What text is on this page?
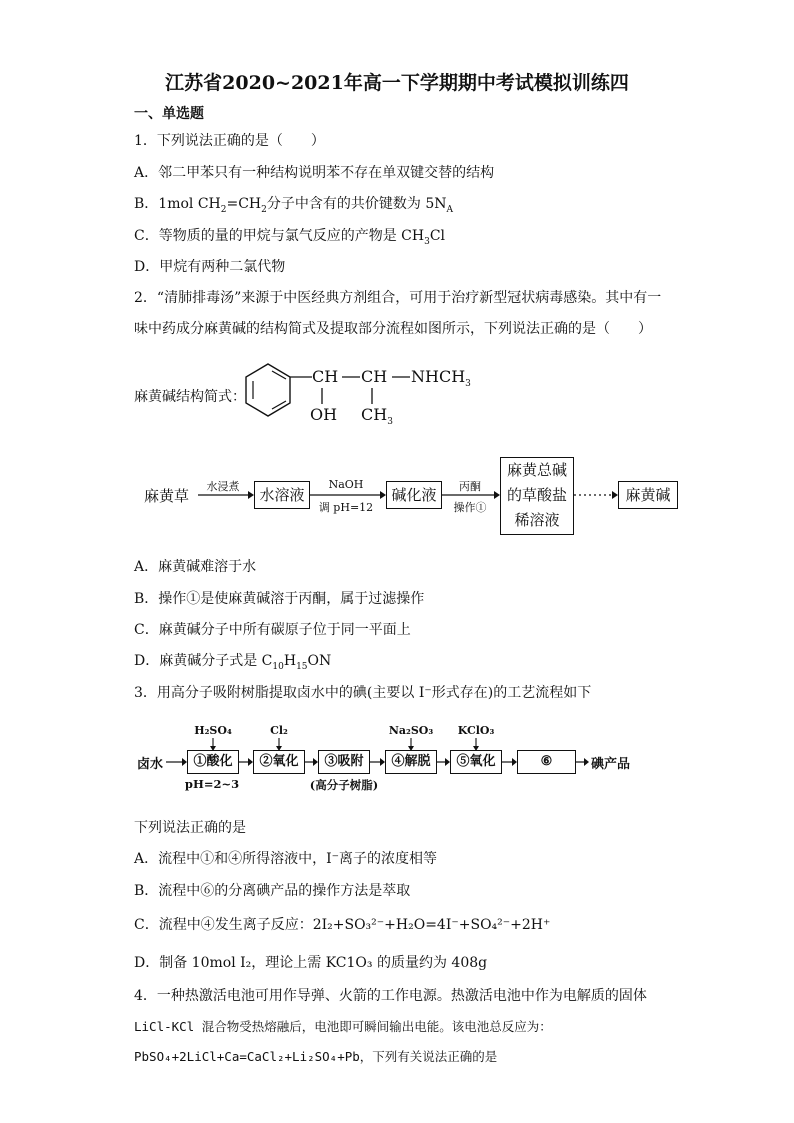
江苏省2020~2021年高一下学期期中考试模拟训练四
一、单选题
1．下列说法正确的是（　　）
A．邻二甲苯只有一种结构说明苯不存在单双键交替的结构
B．1mol $CH_2=CH_2$分子中含有的共价键数为 $5N_A$
C．等物质的量的甲烷与氯气反应的产物是 $CH_3Cl$
D．甲烷有两种二氯代物
2．“清肺排毒汤”来源于中医经典方剂组合，可用于治疗新型冠状病毒感染。其中有一
味中药成分麻黄碱的结构简式及提取部分流程如图所示，下列说法正确的是（　　）
麻黄碱结构简式：
CH CH $NHCH_3$
OH $CH_3$
麻黄草
水浸煮	水溶液
NaOH
调 pH=12
碱化液	丙酮
操作①
麻黄总碱
的草酸盐
稀溶液
麻黄碱
A．麻黄碱难溶于水
B．操作①是使麻黄碱溶于丙酮，属于过滤操作
C．麻黄碱分子中所有碳原子位于同一平面上
D．麻黄碱分子式是 $C_{10}H_{15}ON$
3．用高分子吸附树脂提取卤水中的碘(主要以 I⁻形式存在)的工艺流程如下
H₂SO₄	Cl₂	Na₂SO₃	KClO₃
卤水	①酸化	②氧化	③吸附	④解脱	⑤氧化	⑥	碘产品
pH=2~3	(高分子树脂)
下列说法正确的是
A．流程中①和④所得溶液中，I⁻离子的浓度相等
B．流程中⑥的分离碘产品的操作方法是萃取
C．流程中④发生离子反应：2I₂+SO₃²⁻+H₂O=4I⁻+SO₄²⁻+2H⁺
D．制备 10mol I₂，理论上需 KC1O₃ 的质量约为 408g
4．一种热激活电池可用作导弹、火箭的工作电源。热激活电池中作为电解质的固体
LiCl-KCl 混合物受热熔融后，电池即可瞬间输出电能。该电池总反应为：
PbSO₄+2LiCl+Ca=CaCl₂+Li₂SO₄+Pb，下列有关说法正确的是
